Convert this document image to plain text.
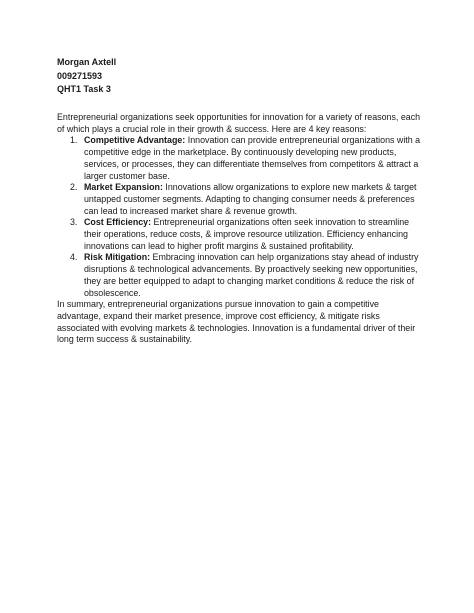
Morgan Axtell
009271593
QHT1 Task 3

Entrepreneurial organizations seek opportunities for innovation for a variety of reasons, each of which plays a crucial role in their growth & success. Here are 4 key reasons:

1. Competitive Advantage: Innovation can provide entrepreneurial organizations with a competitive edge in the marketplace. By continuously developing new products, services, or processes, they can differentiate themselves from competitors & attract a larger customer base.
2. Market Expansion: Innovations allow organizations to explore new markets & target untapped customer segments. Adapting to changing consumer needs & preferences can lead to increased market share & revenue growth.
3. Cost Efficiency: Entrepreneurial organizations often seek innovation to streamline their operations, reduce costs, & improve resource utilization. Efficiency enhancing innovations can lead to higher profit margins & sustained profitability.
4. Risk Mitigation: Embracing innovation can help organizations stay ahead of industry disruptions & technological advancements. By proactively seeking new opportunities, they are better equipped to adapt to changing market conditions & reduce the risk of obsolescence.

In summary, entrepreneurial organizations pursue innovation to gain a competitive advantage, expand their market presence, improve cost efficiency, & mitigate risks associated with evolving markets & technologies. Innovation is a fundamental driver of their long term success & sustainability.
